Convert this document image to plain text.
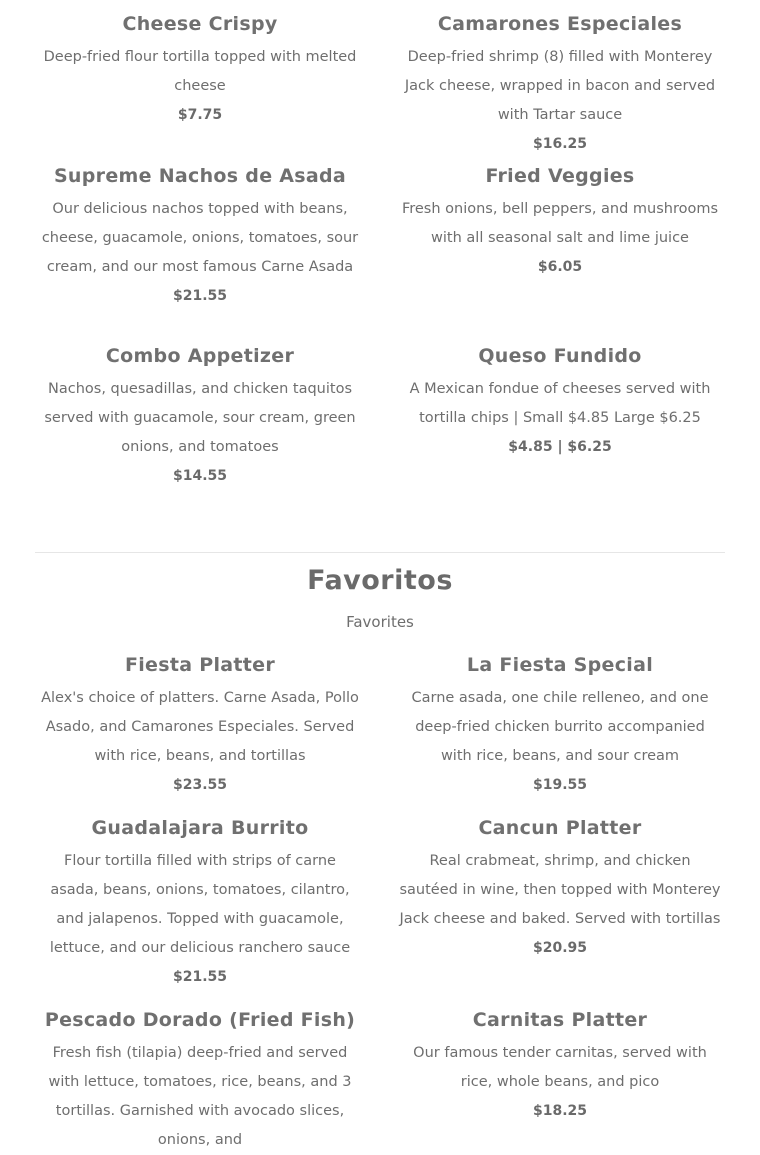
Cheese Crispy

Deep-fried flour tortilla topped with melted cheese

$7.75

Camarones Especiales

Deep-fried shrimp (8) filled with Monterey Jack cheese, wrapped in bacon and served with Tartar sauce

$16.25

Supreme Nachos de Asada

Our delicious nachos topped with beans, cheese, guacamole, onions, tomatoes, sour cream, and our most famous Carne Asada

$21.55

Fried Veggies

Fresh onions, bell peppers, and mushrooms with all seasonal salt and lime juice

$6.05

Combo Appetizer

Nachos, quesadillas, and chicken taquitos served with guacamole, sour cream, green onions, and tomatoes

$14.55

Queso Fundido

A Mexican fondue of cheeses served with tortilla chips | Small $4.85 Large $6.25

$4.85 | $6.25

Favoritos
Favorites
Fiesta Platter

Alex's choice of platters. Carne Asada, Pollo Asado, and Camarones Especiales. Served with rice, beans, and tortillas

$23.55

La Fiesta Special

Carne asada, one chile relleneo, and one deep-fried chicken burrito accompanied with rice, beans, and sour cream

$19.55

Guadalajara Burrito

Flour tortilla filled with strips of carne asada, beans, onions, tomatoes, cilantro, and jalapenos. Topped with guacamole, lettuce, and our delicious ranchero sauce

$21.55

Cancun Platter

Real crabmeat, shrimp, and chicken sautéed in wine, then topped with Monterey Jack cheese and baked. Served with tortillas

$20.95

Pescado Dorado (Fried Fish)

Fresh fish (tilapia) deep-fried and served with lettuce, tomatoes, rice, beans, and 3 tortillas. Garnished with avocado slices, onions, and

Carnitas Platter

Our famous tender carnitas, served with rice, whole beans, and pico

$18.25
